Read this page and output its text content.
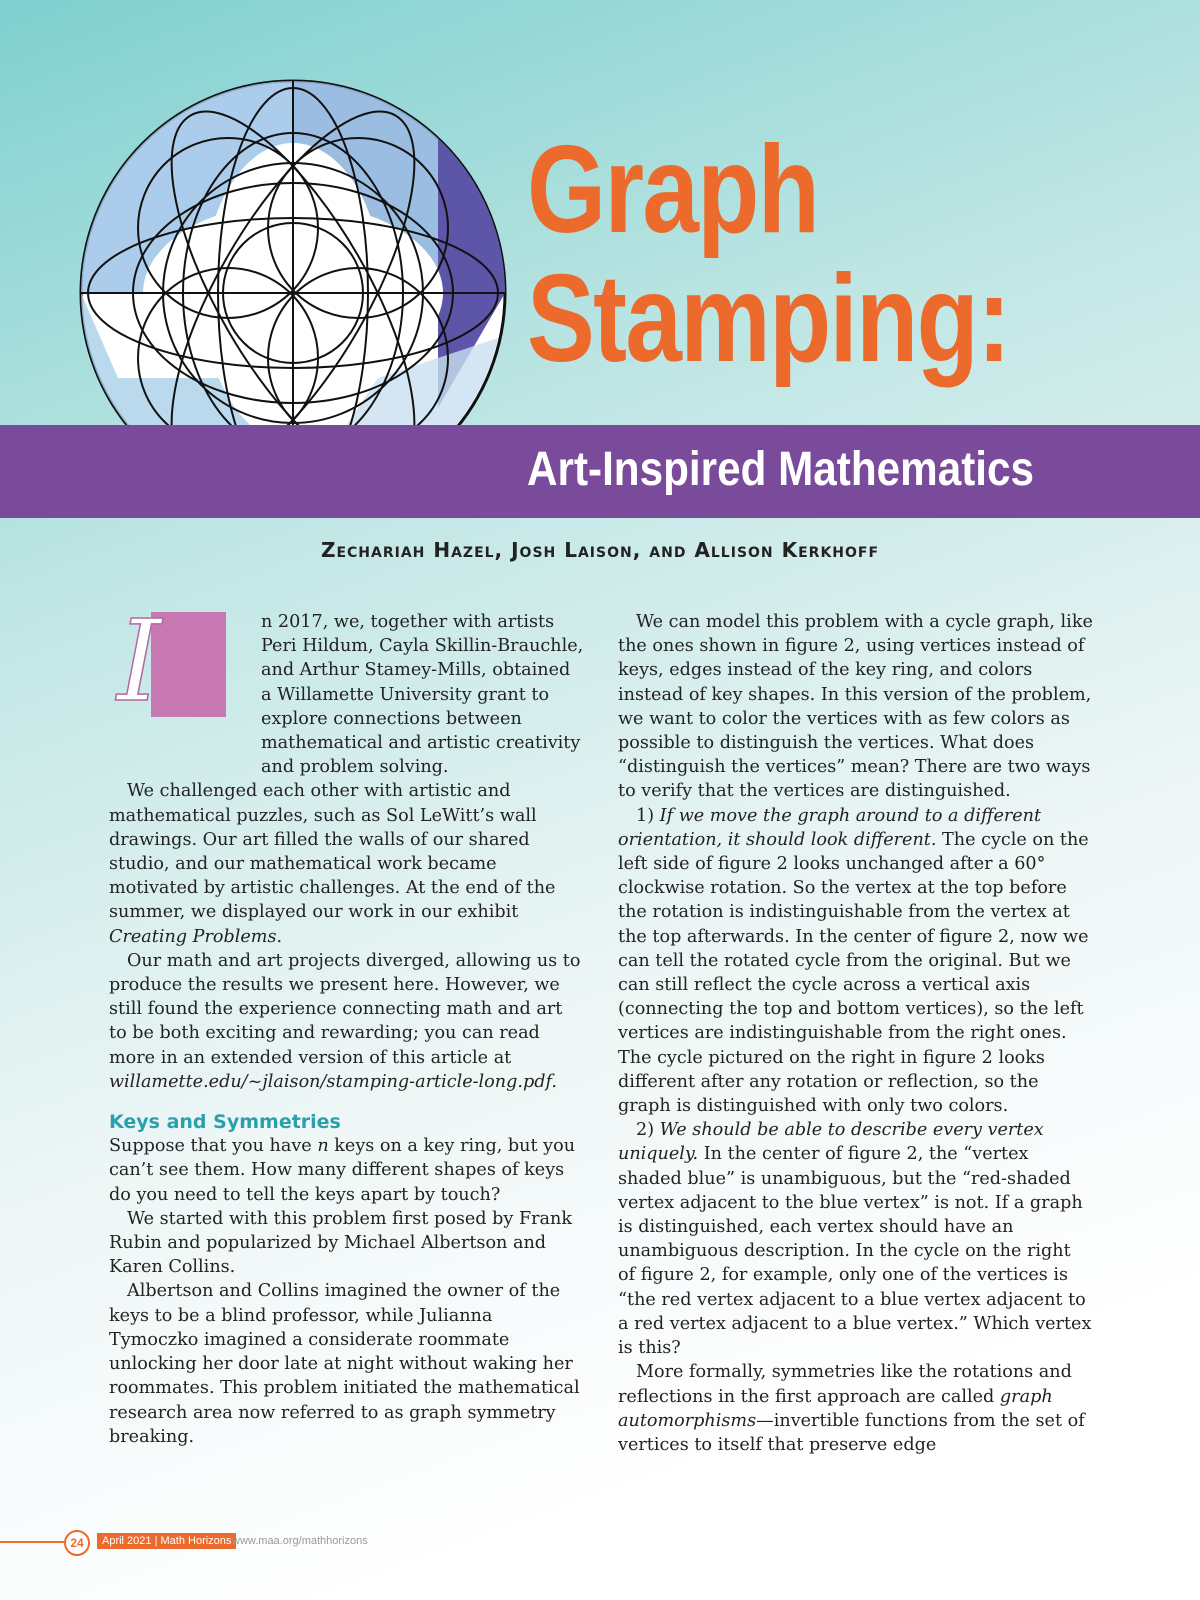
Graph
Stamping:
Art-Inspired Mathematics
Zechariah Hazel, Josh Laison, and Allison Kerkhoff
I	n 2017, we, together with artists Peri Hildum, Cayla Skillin-Brauchle, and Arthur Stamey-Mills, obtained a Willamette University grant to explore connections between mathematical and artistic creativity and problem solving.

We challenged each other with artistic and mathematical puzzles, such as Sol LeWitt’s wall drawings. Our art filled the walls of our shared studio, and our mathematical work became motivated by artistic challenges. At the end of the summer, we displayed our work in our exhibit Creating Problems.

Our math and art projects diverged, allowing us to produce the results we present here. However, we still found the experience connecting math and art to be both exciting and rewarding; you can read more in an extended version of this article at willamette.edu/~jlaison/stamping-article-long.pdf.

Keys and Symmetries

Suppose that you have n keys on a key ring, but you can’t see them. How many different shapes of keys do you need to tell the keys apart by touch?

We started with this problem first posed by Frank Rubin and popularized by Michael Albertson and Karen Collins.

Albertson and Collins imagined the owner of the keys to be a blind professor, while Julianna Tymoczko imagined a considerate roommate unlocking her door late at night without waking her roommates. This problem initiated the mathematical research area now referred to as graph symmetry breaking.

We can model this problem with a cycle graph, like the ones shown in figure 2, using vertices instead of keys, edges instead of the key ring, and colors instead of key shapes. In this version of the problem, we want to color the vertices with as few colors as possible to distinguish the vertices. What does “distinguish the vertices” mean? There are two ways to verify that the vertices are distinguished.

1) If we move the graph around to a different orientation, it should look different. The cycle on the left side of figure 2 looks unchanged after a 60° clockwise rotation. So the vertex at the top before the rotation is indistinguishable from the vertex at the top afterwards. In the center of figure 2, now we can tell the rotated cycle from the original. But we can still reflect the cycle across a vertical axis (connecting the top and bottom vertices), so the left vertices are indistinguishable from the right ones. The cycle pictured on the right in figure 2 looks different after any rotation or reflection, so the graph is distinguished with only two colors.

2) We should be able to describe every vertex uniquely. In the center of figure 2, the “vertex shaded blue” is unambiguous, but the “red-shaded vertex adjacent to the blue vertex” is not. If a graph is distinguished, each vertex should have an unambiguous description. In the cycle on the right of figure 2, for example, only one of the vertices is “the red vertex adjacent to a blue vertex adjacent to a red vertex adjacent to a blue vertex.” Which vertex is this?

More formally, symmetries like the rotations and reflections in the first approach are called graph automorphisms—invertible functions from the set of vertices to itself that preserve edge

24	April 2021 | Math Horizons www.maa.org/mathhorizons
